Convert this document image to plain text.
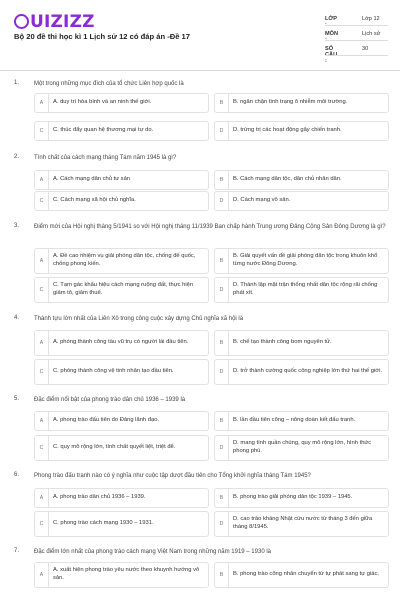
UIZIZZ
Bộ 20 đề thi học kì 1 Lịch sử 12 có đáp án -Đề 17
LỚP	Lớp 12
MÔN	Lịch sử
SỐ :
30
1. Một trong những mục đích của tổ chức Liên hợp quốc là
A	A. duy trì hòa bình và an ninh thế giới.	B	B. ngăn chặn tình trạng ô nhiễm môi trường.
C	C. thúc đẩy quan hệ thương mại tự do.	D	D. trừng trị các hoạt động gây chiến tranh.
2. Tính chất của cách mạng tháng Tám năm 1945 là gì?
A	A. Cách mạng dân chủ tư sản	B	B. Cách mạng dân tộc, dân chủ nhân dân.
C	C. Cách mạng xã hội chủ nghĩa.	D	D. Cách mạng vô sản.
3. Điểm mới của Hội nghị tháng 5/1941 so với Hội nghị tháng 11/1939 Ban chấp hành Trung ương Đảng Cộng Sản Đông Dương là gì?
A
A. Đề cao nhiệm vụ giải phóng dân tộc, chống đế quốc, chống phong kiến.	B
B. Giải quyết vấn đề giải phóng dân tộc trong khuôn khổ từng nước Đông Dương.
C
C. Tạm gác khẩu hiệu cách mạng ruộng đất, thực hiện giảm tô, giảm thuế.	D
D. Thành lập mặt trận thống nhất dân tộc rộng rãi chống phát xít.
4. Thành tựu lớn nhất của Liên Xô trong công cuộc xây dựng Chủ nghĩa xã hội là
A	A. phóng thành công tàu vũ trụ có người lái đầu tiên.	B	B. chế tạo thành công bom nguyên tử.
C	C. phóng thành công vệ tinh nhân tạo đầu tiên.	D	D. trở thành cường quốc công nghiệp lớn thứ hai thế giới.
5. Đặc điểm nổi bật của phong trào dân chủ 1936 – 1939 là
A	A. phong trào đấu tiên do Đảng lãnh đạo.	B	B. lần đầu tiên công – nông doàn kết đấu tranh.
C	C. quy mô rộng lớn, tính chất quyết liệt, triệt để.	D
D. mang tính quần chúng, quy mô rộng lớn, hình thức phong phú.
6. Phong trào đấu tranh nào có ý nghĩa như cuộc tập dượt đầu tiên cho Tổng khởi nghĩa tháng Tám 1945?
A	A. phong trào dân chủ 1936 – 1939.	B	B. phong trào giải phóng dân tộc 1939 – 1945.
C	C. phong trào cách mạng 1930 – 1931.	D
D. cao trào kháng Nhật cứu nước từ tháng 3 đến giữa tháng 8/1945.
7. Đặc điểm lớn nhất của phong trào cách mạng Việt Nam trong những năm 1919 – 1930 là
A
A. xuất hiện phong trào yêu nước theo khuynh hướng vô sản.	B	B. phong trào công nhân chuyển từ tự phát sang tự giác.
